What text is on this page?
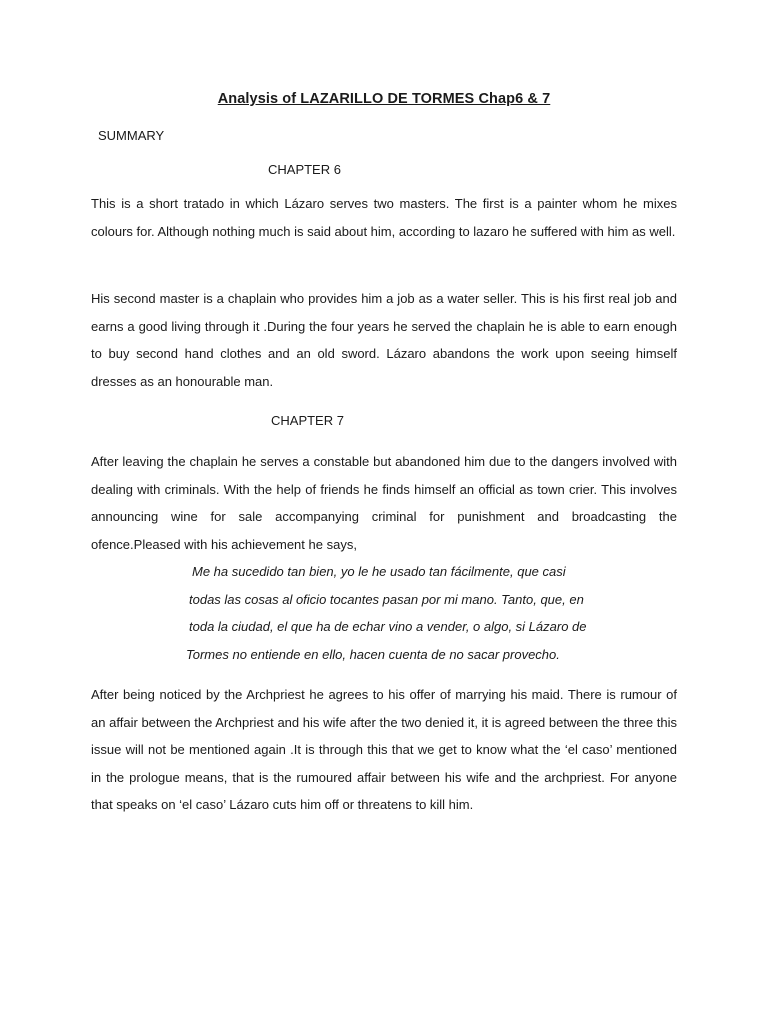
Analysis of LAZARILLO DE TORMES Chap6 & 7
SUMMARY
CHAPTER 6

This is a short tratado in which Lázaro serves two masters. The first is a painter whom he mixes colours for. Although nothing much is said about him, according to lazaro he suffered with him as well.

His second master is a chaplain who provides him a job as a water seller. This is his first real job and earns a good living through it .During the four years he served the chaplain he is able to earn enough to buy second hand clothes and an old sword. Lázaro abandons the work upon seeing himself dresses as an honourable man.

CHAPTER 7

After leaving the chaplain he serves a constable but abandoned him due to the dangers involved with dealing with criminals. With the help of friends he finds himself an official as town crier. This involves announcing wine for sale accompanying criminal for punishment and broadcasting the ofence.Pleased with his achievement he says,

Me ha sucedido tan bien, yo le he usado tan fácilmente, que casi
todas las cosas al oficio tocantes pasan por mi mano. Tanto, que, en
toda la ciudad, el que ha de echar vino a vender, o algo, si Lázaro de
Tormes no entiende en ello, hacen cuenta de no sacar provecho.

After being noticed by the Archpriest he agrees to his offer of marrying his maid. There is rumour of an affair between the Archpriest and his wife after the two denied it, it is agreed between the three this issue will not be mentioned again .It is through this that we get to know what the ‘el caso’ mentioned in the prologue means, that is the rumoured affair between his wife and the archpriest. For anyone that speaks on ‘el caso’ Lázaro cuts him off or threatens to kill him.
